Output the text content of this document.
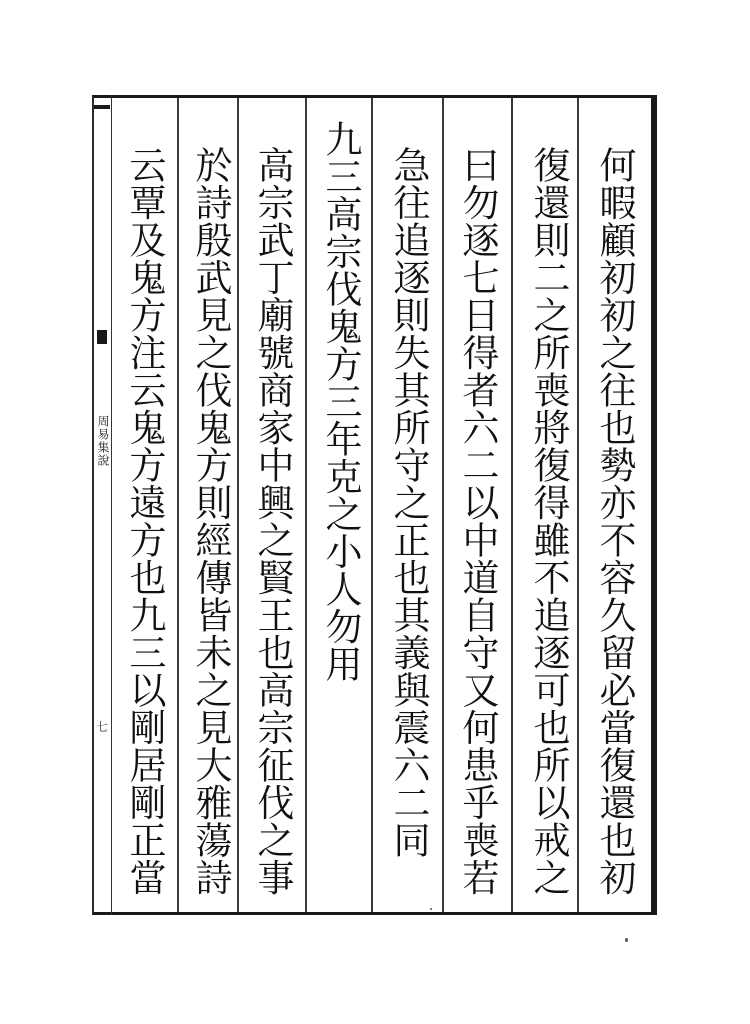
周易集說
七	何暇顧初初之往也勢亦不容久留必當復還也初
復還則二之所喪將復得雖不追逐可也所以戒之
曰勿逐七日得者六二以中道自守又何患乎喪若
急往追逐則失其所守之正也其義與震六二同
九三高宗伐鬼方三年克之小人勿用
高宗武丁廟號商家中興之賢王也高宗征伐之事
於詩殷武見之伐鬼方則經傳皆未之見大雅蕩詩
云覃及鬼方注云鬼方遠方也九三以剛居剛正當
